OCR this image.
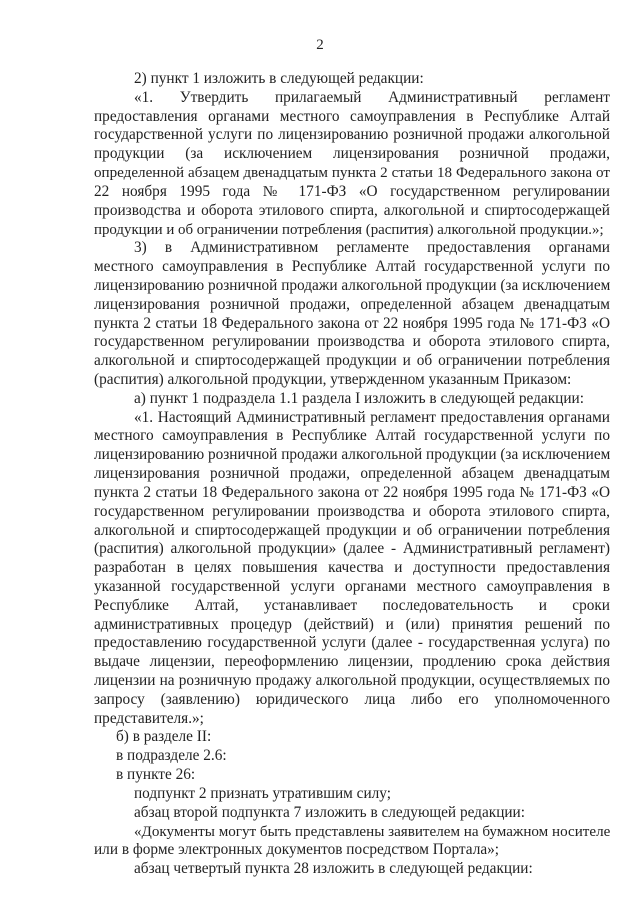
2
2) пункт 1 изложить в следующей редакции:
«1. Утвердить прилагаемый Административный регламент
предоставления органами местного самоуправления в Республике Алтай
государственной услуги по лицензированию розничной продажи алкогольной
продукции (за исключением лицензирования розничной продажи,
определенной абзацем двенадцатым пункта 2 статьи 18 Федерального закона от
22 ноября 1995 года № 171-ФЗ «О государственном регулировании
производства и оборота этилового спирта, алкогольной и спиртосодержащей
продукции и об ограничении потребления (распития) алкогольной продукции.»;
3) в Административном регламенте предоставления органами
местного самоуправления в Республике Алтай государственной услуги по
лицензированию розничной продажи алкогольной продукции (за исключением
лицензирования розничной продажи, определенной абзацем двенадцатым
пункта 2 статьи 18 Федерального закона от 22 ноября 1995 года № 171-ФЗ «О
государственном регулировании производства и оборота этилового спирта,
алкогольной и спиртосодержащей продукции и об ограничении потребления
(распития) алкогольной продукции, утвержденном указанным Приказом:
а) пункт 1 подраздела 1.1 раздела I изложить в следующей редакции:
«1. Настоящий Административный регламент предоставления органами
местного самоуправления в Республике Алтай государственной услуги по
лицензированию розничной продажи алкогольной продукции (за исключением
лицензирования розничной продажи, определенной абзацем двенадцатым
пункта 2 статьи 18 Федерального закона от 22 ноября 1995 года № 171-ФЗ «О
государственном регулировании производства и оборота этилового спирта,
алкогольной и спиртосодержащей продукции и об ограничении потребления
(распития) алкогольной продукции» (далее - Административный регламент)
разработан в целях повышения качества и доступности предоставления
указанной государственной услуги органами местного самоуправления в
Республике Алтай, устанавливает последовательность и сроки
административных процедур (действий) и (или) принятия решений по
предоставлению государственной услуги (далее - государственная услуга) по
выдаче лицензии, переоформлению лицензии, продлению срока действия
лицензии на розничную продажу алкогольной продукции, осуществляемых по
запросу (заявлению) юридического лица либо его уполномоченного
представителя.»;
б) в разделе II:
в подразделе 2.6:
в пункте 26:
подпункт 2 признать утратившим силу;
абзац второй подпункта 7 изложить в следующей редакции:
«Документы могут быть представлены заявителем на бумажном носителе
или в форме электронных документов посредством Портала»;
абзац четвертый пункта 28 изложить в следующей редакции:
